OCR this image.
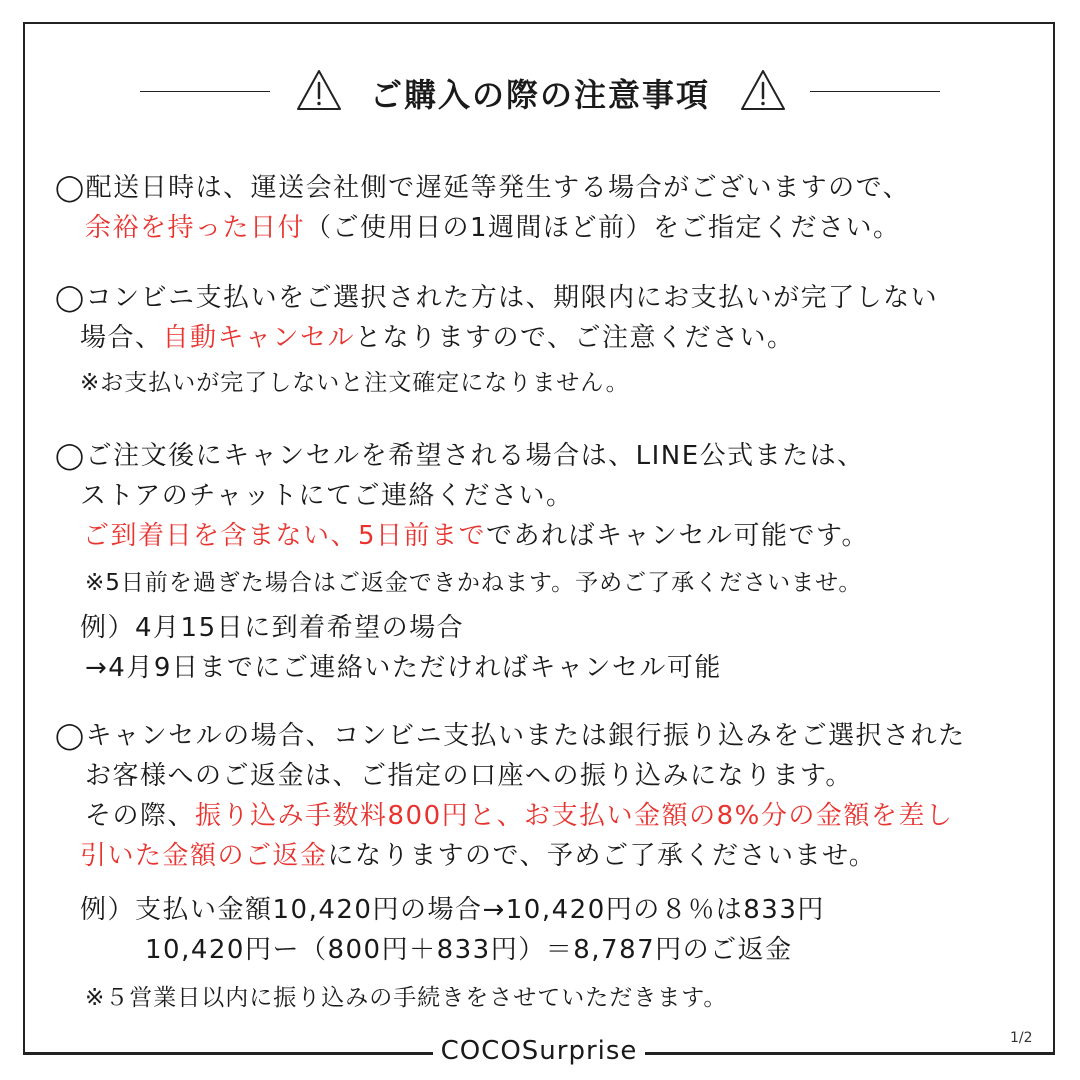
ご購入の際の注意事項
◯配送日時は、運送会社側で遅延等発生する場合がございますので、
余裕を持った日付（ご使用日の1週間ほど前）をご指定ください。
◯コンビニ支払いをご選択された方は、期限内にお支払いが完了しない
場合、自動キャンセルとなりますので、ご注意ください。
※お支払いが完了しないと注文確定になりません。
◯ご注文後にキャンセルを希望される場合は、LINE公式または、
ストアのチャットにてご連絡ください。
ご到着日を含まない、5日前までであればキャンセル可能です。
※5日前を過ぎた場合はご返金できかねます。予めご了承くださいませ。
例）4月15日に到着希望の場合
→4月9日までにご連絡いただければキャンセル可能
◯キャンセルの場合、コンビニ支払いまたは銀行振り込みをご選択された
お客様へのご返金は、ご指定の口座への振り込みになります。
その際、振り込み手数料800円と、お支払い金額の8%分の金額を差し
引いた金額のご返金になりますので、予めご了承くださいませ。
例）支払い金額10,420円の場合→10,420円の８％は833円
10,420円ー（800円＋833円）＝8,787円のご返金
※５営業日以内に振り込みの手続きをさせていただきます。
COCOSurprise	1/2
